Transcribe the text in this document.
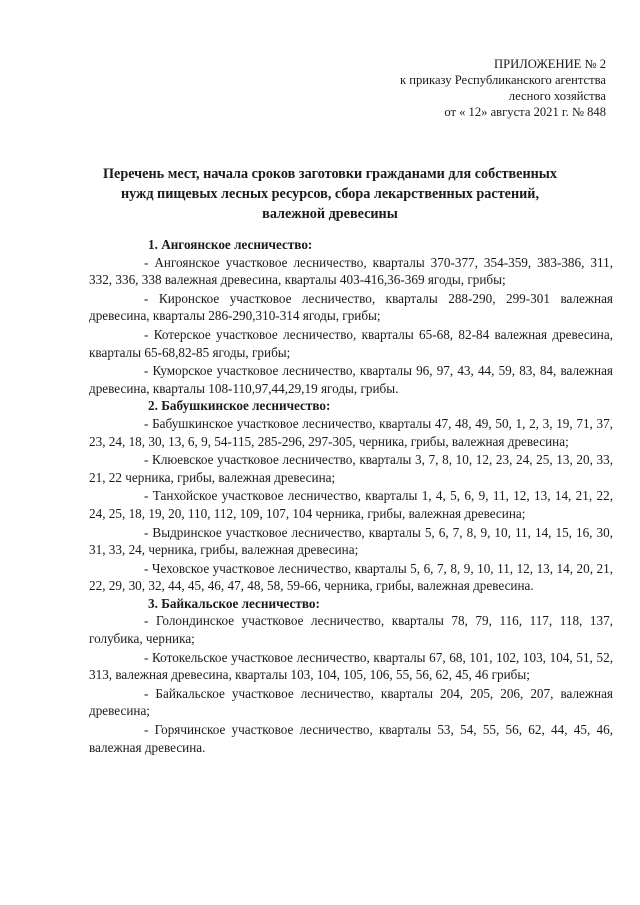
ПРИЛОЖЕНИЕ № 2
к приказу Республиканского агентства
лесного хозяйства
от « 12» августа 2021 г. № 848
Перечень мест, начала сроков заготовки гражданами для собственных
нужд пищевых лесных ресурсов, сбора лекарственных растений,
валежной древесины
1. Ангоянское лесничество:

- Ангоянское участковое лесничество, кварталы 370-377, 354-359, 383-386, 311, 332, 336, 338 валежная древесина, кварталы 403-416,36-369 ягоды, грибы;

- Киронское участковое лесничество, кварталы 288-290, 299-301 валежная древесина, кварталы 286-290,310-314 ягоды, грибы;

- Котерское участковое лесничество, кварталы 65-68, 82-84 валежная древесина, кварталы 65-68,82-85 ягоды, грибы;

- Куморское участковое лесничество, кварталы 96, 97, 43, 44, 59, 83, 84, валежная древесина, кварталы 108-110,97,44,29,19 ягоды, грибы.

2. Бабушкинское лесничество:

- Бабушкинское участковое лесничество, кварталы 47, 48, 49, 50, 1, 2, 3, 19, 71, 37, 23, 24, 18, 30, 13, 6, 9, 54-115, 285-296, 297-305, черника, грибы, валежная древесина;

- Клюевское участковое лесничество, кварталы 3, 7, 8, 10, 12, 23, 24, 25, 13, 20, 33, 21, 22 черника, грибы, валежная древесина;

- Танхойское участковое лесничество, кварталы 1, 4, 5, 6, 9, 11, 12, 13, 14, 21, 22, 24, 25, 18, 19, 20, 110, 112, 109, 107, 104 черника, грибы, валежная древесина;

- Выдринское участковое лесничество, кварталы 5, 6, 7, 8, 9, 10, 11, 14, 15, 16, 30, 31, 33, 24, черника, грибы, валежная древесина;

- Чеховское участковое лесничество, кварталы 5, 6, 7, 8, 9, 10, 11, 12, 13, 14, 20, 21, 22, 29, 30, 32, 44, 45, 46, 47, 48, 58, 59-66, черника, грибы, валежная древесина.

3. Байкальское лесничество:

- Голондинское участковое лесничество, кварталы 78, 79, 116, 117, 118, 137, голубика, черника;

- Котокельское участковое лесничество, кварталы 67, 68, 101, 102, 103, 104, 51, 52, 313, валежная древесина, кварталы 103, 104, 105, 106, 55, 56, 62, 45, 46 грибы;

- Байкальское участковое лесничество, кварталы 204, 205, 206, 207, валежная древесина;

- Горячинское участковое лесничество, кварталы 53, 54, 55, 56, 62, 44, 45, 46, валежная древесина.
